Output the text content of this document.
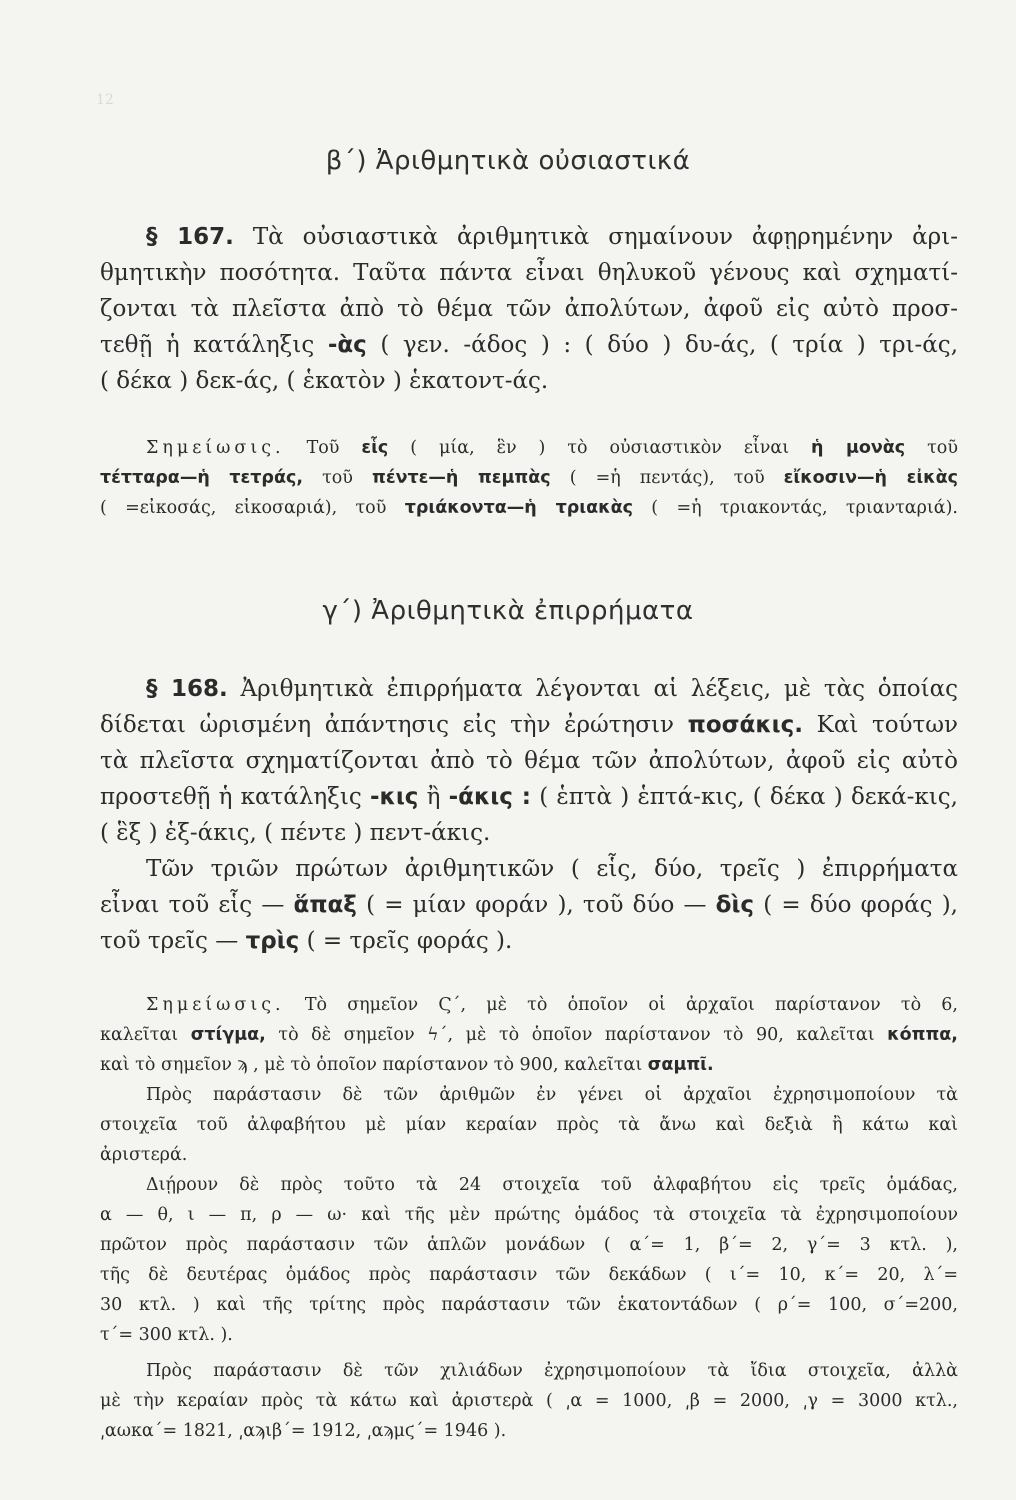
12
β΄) Ἀριθμητικὰ οὐσιαστικά
§ 167. Τὰ οὐσιαστικὰ ἀριθμητικὰ σημαίνουν ἀφῃρημένην ἀρι-
θμητικὴν ποσότητα. Ταῦτα πάντα εἶναι θηλυκοῦ γένους καὶ σχηματί-
ζονται τὰ πλεῖστα ἀπὸ τὸ θέμα τῶν ἀπολύτων, ἀφοῦ εἰς αὐτὸ προσ-
τεθῇ ἡ κατάληξις -ὰς ( γεν. -άδος ) : ( δύο ) δυ-άς, ( τρία ) τρι-άς,
( δέκα ) δεκ-άς, ( ἑκατὸν ) ἑκατοντ-άς.
Σημείωσις. Τοῦ εἷς ( μία, ἓν ) τὸ οὐσιαστικὸν εἶναι ἡ μονὰς τοῦ
τέτταρα—ἡ τετράς, τοῦ πέντε—ἡ πεμπὰς ( =ἡ πεντάς), τοῦ εἴκοσιν—ἡ εἰκὰς
( =εἰκοσάς, εἰκοσαριά), τοῦ τριάκοντα—ἡ τριακὰς ( =ἡ τριακοντάς, τριανταριά).
γ΄) Ἀριθμητικὰ ἐπιρρήματα
§ 168. Ἀριθμητικὰ ἐπιρρήματα λέγονται αἱ λέξεις, μὲ τὰς ὁποίας
δίδεται ὡρισμένη ἀπάντησις εἰς τὴν ἐρώτησιν ποσάκις. Καὶ τούτων
τὰ πλεῖστα σχηματίζονται ἀπὸ τὸ θέμα τῶν ἀπολύτων, ἀφοῦ εἰς αὐτὸ
προστεθῇ ἡ κατάληξις -κις ἢ -άκις : ( ἑπτὰ ) ἑπτά-κις, ( δέκα ) δεκά-κις,
( ἓξ ) ἑξ-άκις, ( πέντε ) πεντ-άκις.
Τῶν τριῶν πρώτων ἀριθμητικῶν ( εἷς, δύο, τρεῖς ) ἐπιρρήματα
εἶναι τοῦ εἷς — ἅπαξ ( = μίαν φοράν ), τοῦ δύο — δὶς ( = δύο φοράς ),
τοῦ τρεῖς — τρὶς ( = τρεῖς φοράς ).
Σημείωσις. Τὸ σημεῖον Ϛ΄, μὲ τὸ ὁποῖον οἱ ἀρχαῖοι παρίστανον τὸ 6,
καλεῖται στίγμα, τὸ δὲ σημεῖον ϟ΄, μὲ τὸ ὁποῖον παρίστανον τὸ 90, καλεῖται κόππα,
καὶ τὸ σημεῖον ϡ , μὲ τὸ ὁποῖον παρίστανον τὸ 900, καλεῖται σαμπῖ.
Πρὸς παράστασιν δὲ τῶν ἀριθμῶν ἐν γένει οἱ ἀρχαῖοι ἐχρησιμοποίουν τὰ
στοιχεῖα τοῦ ἀλφαβήτου μὲ μίαν κεραίαν πρὸς τὰ ἄνω καὶ δεξιὰ ἢ κάτω καὶ
ἀριστερά.
Διῄρουν δὲ πρὸς τοῦτο τὰ 24 στοιχεῖα τοῦ ἀλφαβήτου εἰς τρεῖς ὁμάδας,
α — θ, ι — π, ρ — ω· καὶ τῆς μὲν πρώτης ὁμάδος τὰ στοιχεῖα τὰ ἐχρησιμοποίουν
πρῶτον πρὸς παράστασιν τῶν ἁπλῶν μονάδων ( α΄= 1, β΄= 2, γ΄= 3 κτλ. ),
τῆς δὲ δευτέρας ὁμάδος πρὸς παράστασιν τῶν δεκάδων ( ι΄= 10, κ΄= 20, λ΄=
30 κτλ. ) καὶ τῆς τρίτης πρὸς παράστασιν τῶν ἑκατοντάδων ( ρ΄= 100, σ΄=200,
τ΄= 300 κτλ. ).
Πρὸς παράστασιν δὲ τῶν χιλιάδων ἐχρησιμοποίουν τὰ ἴδια στοιχεῖα, ἀλλὰ
μὲ τὴν κεραίαν πρὸς τὰ κάτω καὶ ἀριστερὰ ( ͵α = 1000, ͵β = 2000, ͵γ = 3000 κτλ.,
͵αωκα΄= 1821, ͵αϡιβ΄= 1912, ͵αϡμϛ΄= 1946 ).
